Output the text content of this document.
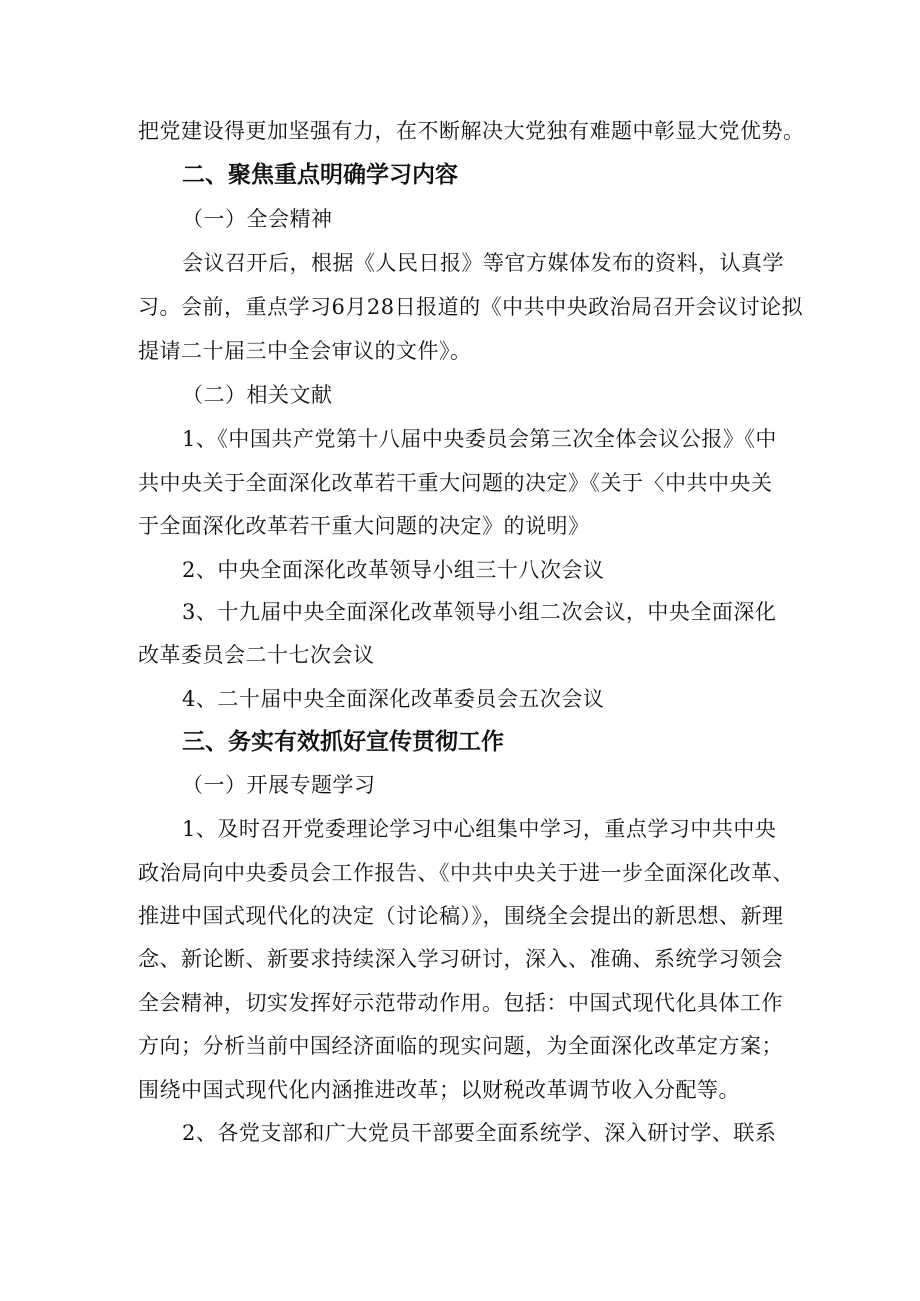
把党建设得更加坚强有力，在不断解决大党独有难题中彰显大党优势。
二、聚焦重点明确学习内容
（一）全会精神
会议召开后，根据《人民日报》等官方媒体发布的资料，认真学
习。会前，重点学习6月28日报道的《中共中央政治局召开会议讨论拟
提请二十届三中全会审议的文件》。
（二）相关文献
1、《中国共产党第十八届中央委员会第三次全体会议公报》《中
共中央关于全面深化改革若干重大问题的决定》《关于〈中共中央关
于全面深化改革若干重大问题的决定》的说明》
2、中央全面深化改革领导小组三十八次会议
3、十九届中央全面深化改革领导小组二次会议，中央全面深化
改革委员会二十七次会议
4、二十届中央全面深化改革委员会五次会议
三、务实有效抓好宣传贯彻工作
（一）开展专题学习
1、及时召开党委理论学习中心组集中学习，重点学习中共中央
政治局向中央委员会工作报告、《中共中央关于进一步全面深化改革、
推进中国式现代化的决定（讨论稿）》，围绕全会提出的新思想、新理
念、新论断、新要求持续深入学习研讨，深入、准确、系统学习领会
全会精神，切实发挥好示范带动作用。包括：中国式现代化具体工作
方向；分析当前中国经济面临的现实问题，为全面深化改革定方案；
围绕中国式现代化内涵推进改革；以财税改革调节收入分配等。
2、各党支部和广大党员干部要全面系统学、深入研讨学、联系
